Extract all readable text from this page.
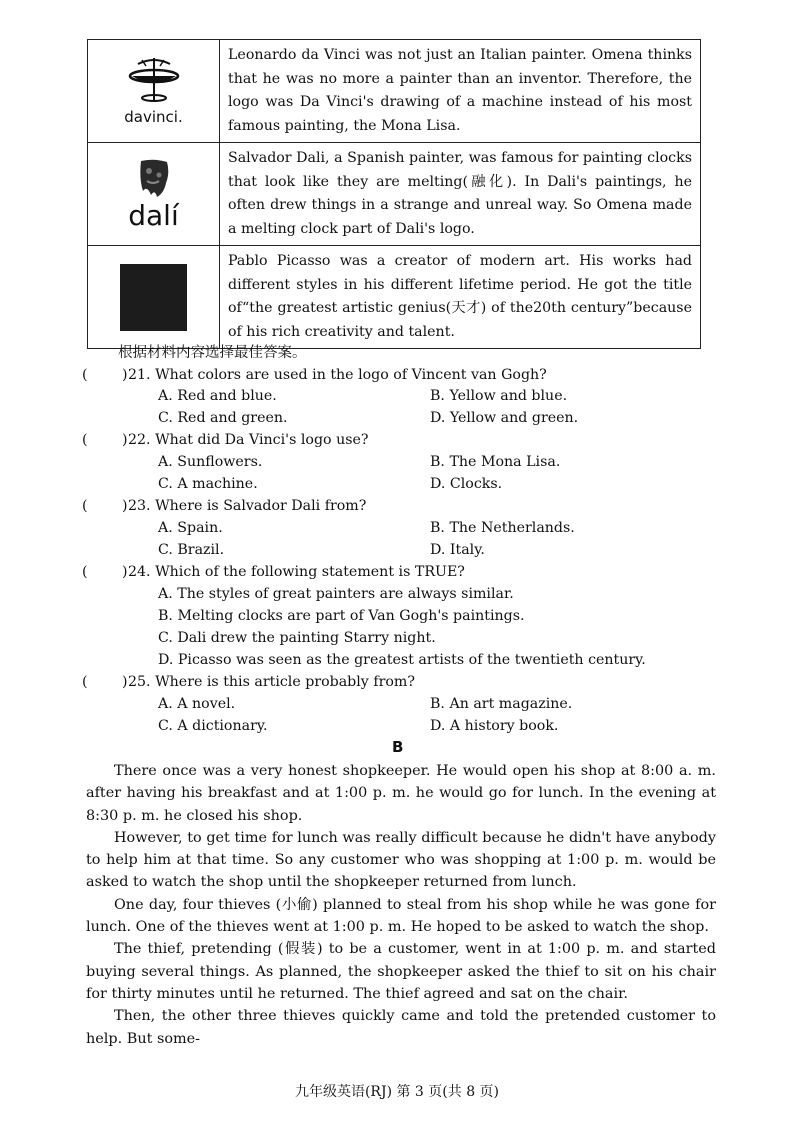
davinci.	Leonardo da Vinci was not just an Italian painter. Omena thinks that he was no more a painter than an inventor. Therefore, the logo was Da Vinci's drawing of a machine instead of his most famous painting, the Mona Lisa.

dalí	Salvador Dali, a Spanish painter, was famous for painting clocks that look like they are melting(融化). In Dali's paintings, he often drew things in a strange and unreal way. So Omena made a melting clock part of Dali's logo.

	Pablo Picasso was a creator of modern art. His works had different styles in his different lifetime period. He got the title of“the greatest artistic genius(天才) of the20th century”because of his rich creativity and talent.
根据材料内容选择最佳答案。
( ) 21. What colors are used in the logo of Vincent van Gogh?
A. Red and blue.	B. Yellow and blue.
C. Red and green.	D. Yellow and green.
( ) 22. What did Da Vinci's logo use?
A. Sunflowers.	B. The Mona Lisa.
C. A machine.	D. Clocks.
( ) 23. Where is Salvador Dali from?
A. Spain.	B. The Netherlands.
C. Brazil.	D. Italy.
( ) 24. Which of the following statement is TRUE?
A. The styles of great painters are always similar.
B. Melting clocks are part of Van Gogh's paintings.
C. Dali drew the painting Starry night.
D. Picasso was seen as the greatest artists of the twentieth century.
( ) 25. Where is this article probably from?
A. A novel.	B. An art magazine.
C. A dictionary.	D. A history book.
B

There once was a very honest shopkeeper. He would open his shop at 8:00 a. m. after having his breakfast and at 1:00 p. m. he would go for lunch. In the evening at 8:30 p. m. he closed his shop.

However, to get time for lunch was really difficult because he didn't have anybody to help him at that time. So any customer who was shopping at 1:00 p. m. would be asked to watch the shop until the shopkeeper returned from lunch.

One day, four thieves (小偷) planned to steal from his shop while he was gone for lunch. One of the thieves went at 1:00 p. m. He hoped to be asked to watch the shop.

The thief, pretending (假装) to be a customer, went in at 1:00 p. m. and started buying several things. As planned, the shopkeeper asked the thief to sit on his chair for thirty minutes until he returned. The thief agreed and sat on the chair.

Then, the other three thieves quickly came and told the pretended customer to help. But some-

九年级英语(RJ) 第 3 页(共 8 页)
